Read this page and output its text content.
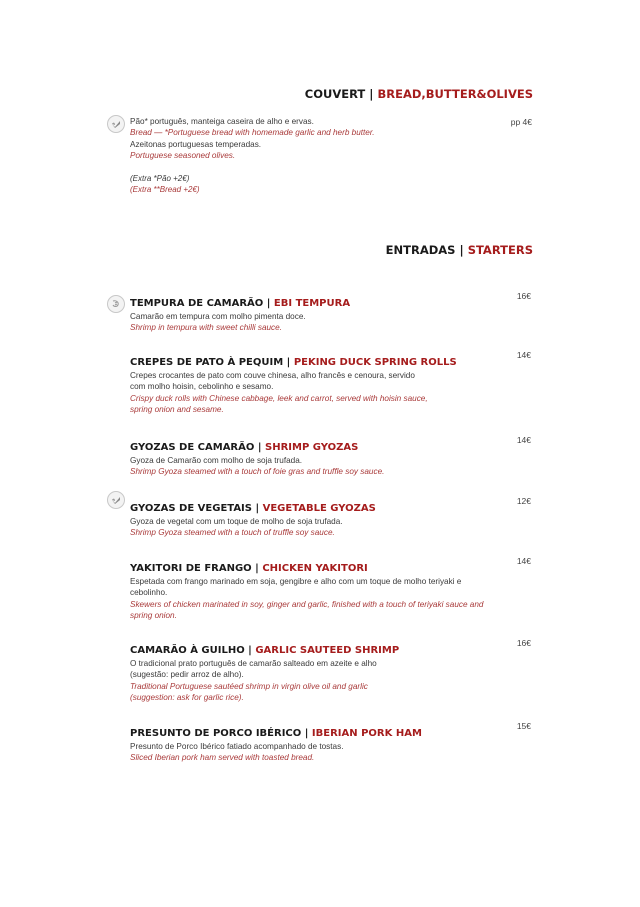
COUVERT | BREAD,BUTTER&OLIVES
Pão* português, manteiga caseira de alho e ervas.
Bread — *Portuguese bread with homemade garlic and herb butter.
Azeitonas portuguesas temperadas.
Portuguese seasoned olives.
(Extra *Pão +2€)
(Extra **Bread +2€)
pp 4€
ENTRADAS | STARTERS
TEMPURA DE CAMARÃO | EBI TEMPURA
Camarão em tempura com molho pimenta doce.
Shrimp in tempura with sweet chilli sauce.
16€
CREPES DE PATO À PEQUIM | PEKING DUCK SPRING ROLLS
Crepes crocantes de pato com couve chinesa, alho francês e cenoura, servido
com molho hoisin, cebolinho e sesamo.
Crispy duck rolls with Chinese cabbage, leek and carrot, served with hoisin sauce,
spring onion and sesame.
14€
GYOZAS DE CAMARÃO | SHRIMP GYOZAS
Gyoza de Camarão com molho de soja trufada.
Shrimp Gyoza steamed with a touch of foie gras and truffle soy sauce.
14€
GYOZAS DE VEGETAIS | VEGETABLE GYOZAS
Gyoza de vegetal com um toque de molho de soja trufada.
Shrimp Gyoza steamed with a touch of truffle soy sauce.
12€
YAKITORI DE FRANGO | CHICKEN YAKITORI
Espetada com frango marinado em soja, gengibre e alho com um toque de molho teriyaki e
cebolinho.
Skewers of chicken marinated in soy, ginger and garlic, finished with a touch of teriyaki sauce and
spring onion.
14€
CAMARÃO À GUILHO | GARLIC SAUTEED SHRIMP
O tradicional prato português de camarão salteado em azeite e alho
(sugestão: pedir arroz de alho).
Traditional Portuguese sautéed shrimp in virgin olive oil and garlic
(suggestion: ask for garlic rice).
16€
PRESUNTO DE PORCO IBÉRICO | IBERIAN PORK HAM
Presunto de Porco Ibérico fatiado acompanhado de tostas.
Sliced Iberian pork ham served with toasted bread.
15€
